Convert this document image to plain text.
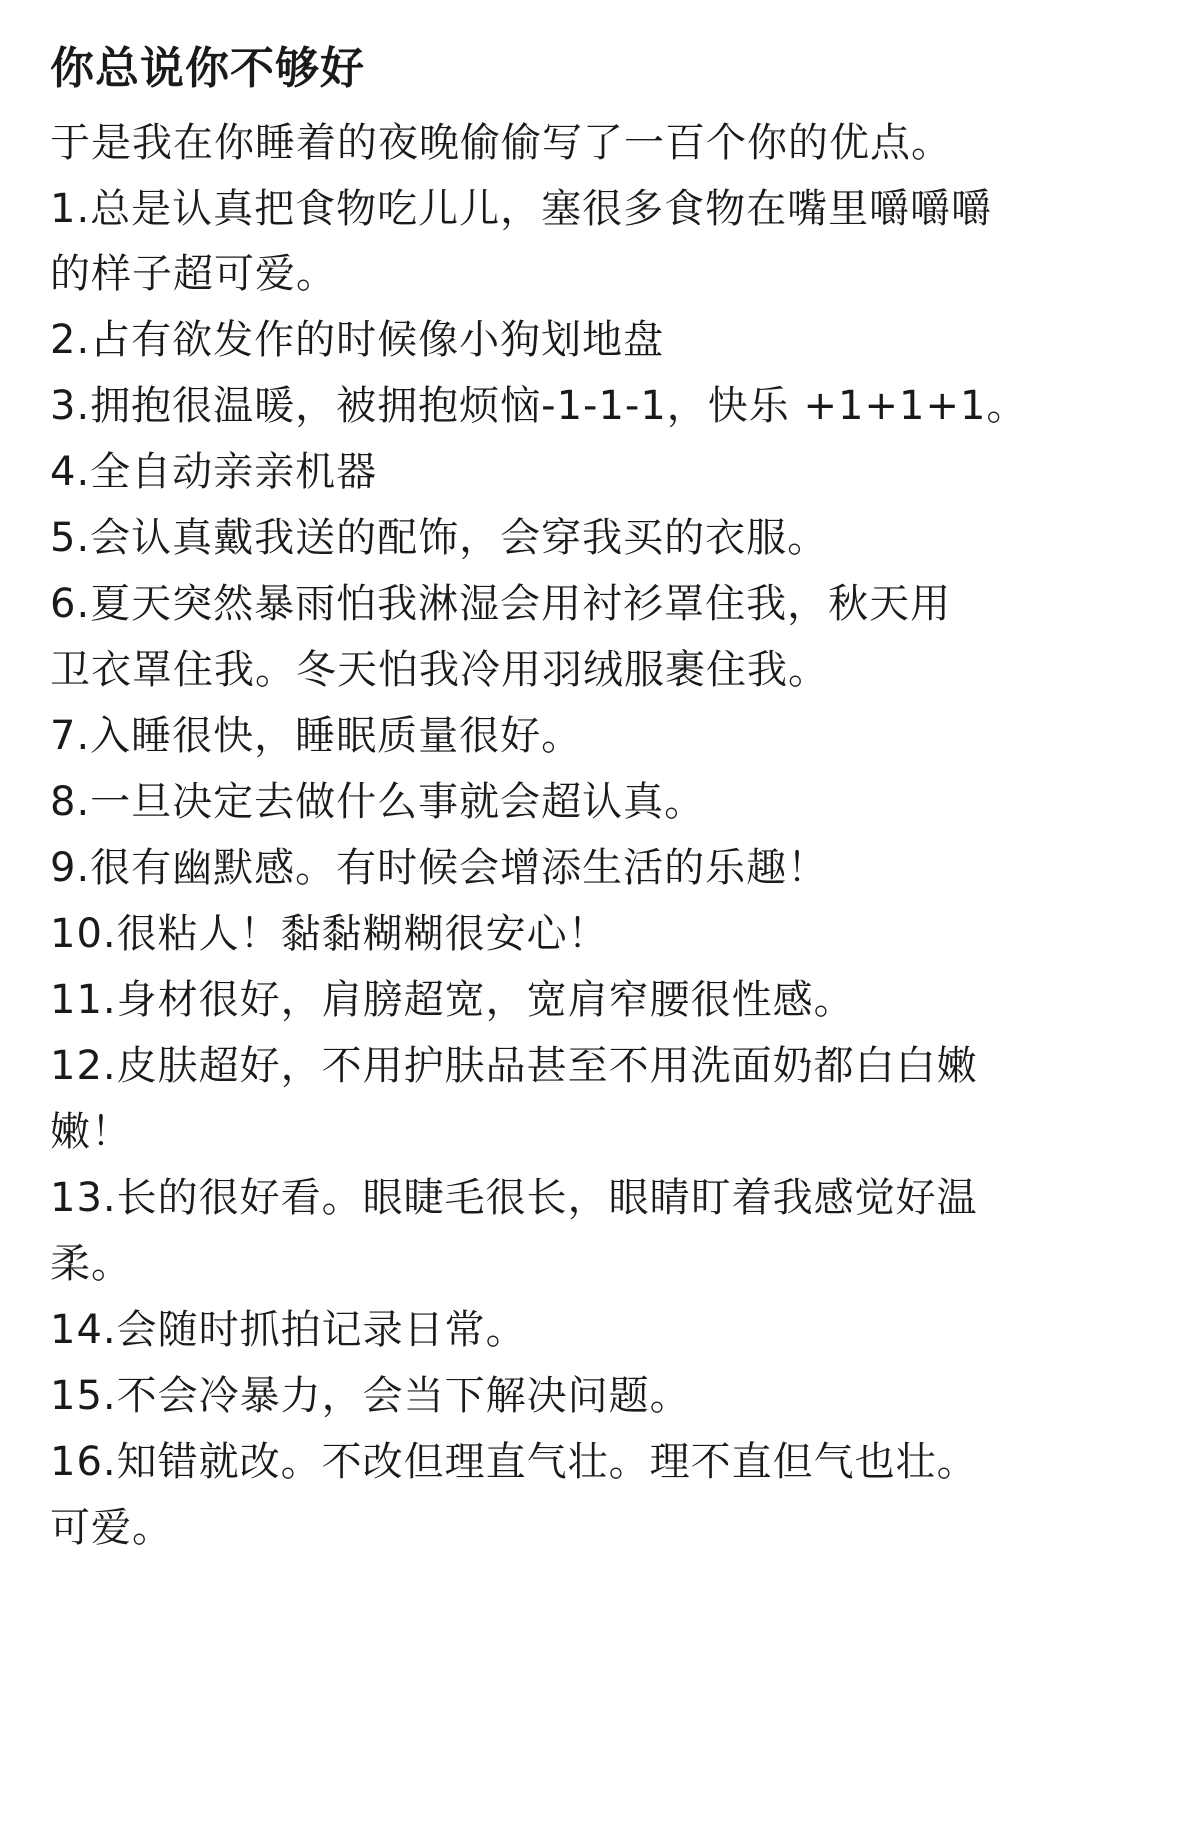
你总说你不够好
于是我在你睡着的夜晚偷偷写了一百个你的优点。
1.总是认真把食物吃儿儿，塞很多食物在嘴里嚼嚼嚼
的样子超可爱。
2.占有欲发作的时候像小狗划地盘
3.拥抱很温暖，被拥抱烦恼-1-1-1，快乐 +1+1+1。
4.全自动亲亲机器
5.会认真戴我送的配饰，会穿我买的衣服。
6.夏天突然暴雨怕我淋湿会用衬衫罩住我，秋天用
卫衣罩住我。冬天怕我冷用羽绒服裹住我。
7.入睡很快，睡眠质量很好。
8.一旦决定去做什么事就会超认真。
9.很有幽默感。有时候会增添生活的乐趣！
10.很粘人！黏黏糊糊很安心！
11.身材很好，肩膀超宽，宽肩窄腰很性感。
12.皮肤超好，不用护肤品甚至不用洗面奶都白白嫩
嫩！
13.长的很好看。眼睫毛很长，眼睛盯着我感觉好温
柔。
14.会随时抓拍记录日常。
15.不会冷暴力，会当下解决问题。
16.知错就改。不改但理直气壮。理不直但气也壮。
可爱。
